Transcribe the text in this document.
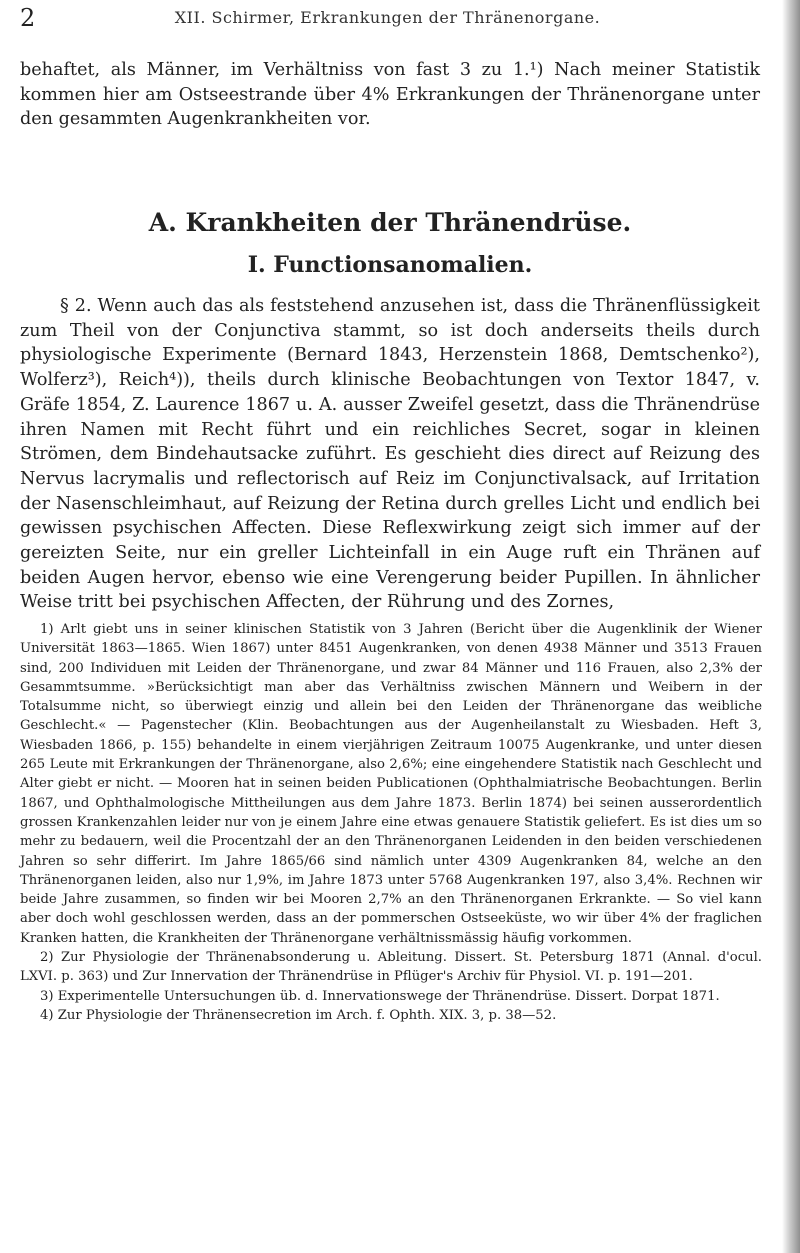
2	XII. Schirmer, Erkrankungen der Thränenorgane.

behaftet, als Männer, im Verhältniss von fast 3 zu 1.¹) Nach meiner Statistik kommen hier am Ostseestrande über 4% Erkrankungen der Thränenorgane unter den gesammten Augenkrankheiten vor.

A. Krankheiten der Thränendrüse.
I. Functionsanomalien.

§ 2. Wenn auch das als feststehend anzusehen ist, dass die Thränenflüssigkeit zum Theil von der Conjunctiva stammt, so ist doch anderseits theils durch physiologische Experimente (Bernard 1843, Herzenstein 1868, Demtschenko²), Wolferz³), Reich⁴)), theils durch klinische Beobachtungen von Textor 1847, v. Gräfe 1854, Z. Laurence 1867 u. A. ausser Zweifel gesetzt, dass die Thränendrüse ihren Namen mit Recht führt und ein reichliches Secret, sogar in kleinen Strömen, dem Bindehautsacke zuführt. Es geschieht dies direct auf Reizung des Nervus lacrymalis und reflectorisch auf Reiz im Conjunctivalsack, auf Irritation der Nasenschleimhaut, auf Reizung der Retina durch grelles Licht und endlich bei gewissen psychischen Affecten. Diese Reflexwirkung zeigt sich immer auf der gereizten Seite, nur ein greller Lichteinfall in ein Auge ruft ein Thränen auf beiden Augen hervor, ebenso wie eine Verengerung beider Pupillen. In ähnlicher Weise tritt bei psychischen Affecten, der Rührung und des Zornes,

1) Arlt giebt uns in seiner klinischen Statistik von 3 Jahren (Bericht über die Augenklinik der Wiener Universität 1863—1865. Wien 1867) unter 8451 Augenkranken, von denen 4938 Männer und 3513 Frauen sind, 200 Individuen mit Leiden der Thränenorgane, und zwar 84 Männer und 116 Frauen, also 2,3% der Gesammtsumme. »Berücksichtigt man aber das Verhältniss zwischen Männern und Weibern in der Totalsumme nicht, so überwiegt einzig und allein bei den Leiden der Thränenorgane das weibliche Geschlecht.« — Pagenstecher (Klin. Beobachtungen aus der Augenheilanstalt zu Wiesbaden. Heft 3, Wiesbaden 1866, p. 155) behandelte in einem vierjährigen Zeitraum 10075 Augenkranke, und unter diesen 265 Leute mit Erkrankungen der Thränenorgane, also 2,6%; eine eingehendere Statistik nach Geschlecht und Alter giebt er nicht. — Mooren hat in seinen beiden Publicationen (Ophthalmiatrische Beobachtungen. Berlin 1867, und Ophthalmologische Mittheilungen aus dem Jahre 1873. Berlin 1874) bei seinen ausserordentlich grossen Krankenzahlen leider nur von je einem Jahre eine etwas genauere Statistik geliefert. Es ist dies um so mehr zu bedauern, weil die Procentzahl der an den Thränenorganen Leidenden in den beiden verschiedenen Jahren so sehr differirt. Im Jahre 1865/66 sind nämlich unter 4309 Augenkranken 84, welche an den Thränenorganen leiden, also nur 1,9%, im Jahre 1873 unter 5768 Augenkranken 197, also 3,4%. Rechnen wir beide Jahre zusammen, so finden wir bei Mooren 2,7% an den Thränenorganen Erkrankte. — So viel kann aber doch wohl geschlossen werden, dass an der pommerschen Ostseeküste, wo wir über 4% der fraglichen Kranken hatten, die Krankheiten der Thränenorgane verhältnissmässig häufig vorkommen.

2) Zur Physiologie der Thränenabsonderung u. Ableitung. Dissert. St. Petersburg 1871 (Annal. d'ocul. LXVI. p. 363) und Zur Innervation der Thränendrüse in Pflüger's Archiv für Physiol. VI. p. 191—201.

3) Experimentelle Untersuchungen üb. d. Innervationswege der Thränendrüse. Dissert. Dorpat 1871.

4) Zur Physiologie der Thränensecretion im Arch. f. Ophth. XIX. 3, p. 38—52.
